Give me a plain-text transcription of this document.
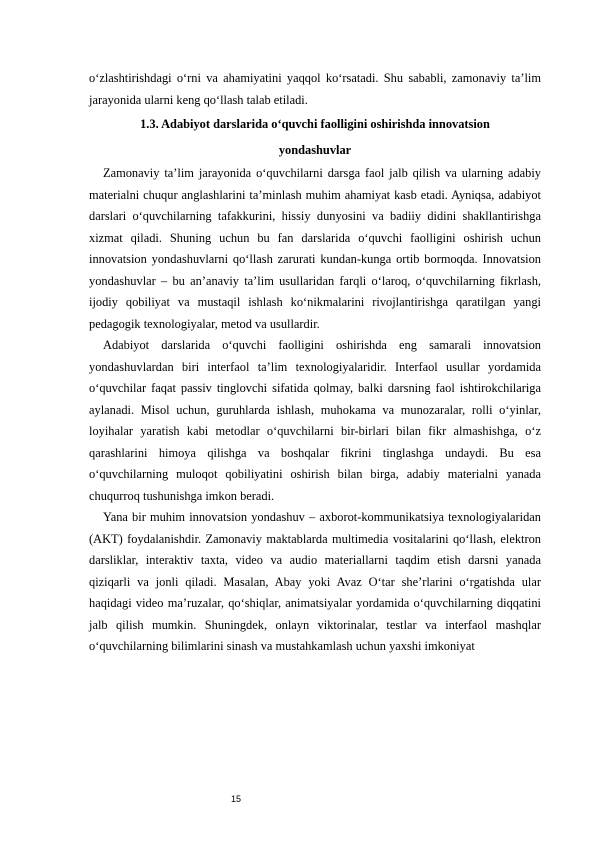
o‘zlashtirishdagi o‘rni va ahamiyatini yaqqol ko‘rsatadi. Shu sababli, zamonaviy ta’lim jarayonida ularni keng qo‘llash talab etiladi.

1.3. Adabiyot darslarida o‘quvchi faolligini oshirishda innovatsion
yondashuvlar

Zamonaviy ta’lim jarayonida o‘quvchilarni darsga faol jalb qilish va ularning adabiy materialni chuqur anglashlarini ta’minlash muhim ahamiyat kasb etadi. Ayniqsa, adabiyot darslari o‘quvchilarning tafakkurini, hissiy dunyosini va badiiy didini shakllantirishga xizmat qiladi. Shuning uchun bu fan darslarida o‘quvchi faolligini oshirish uchun innovatsion yondashuvlarni qo‘llash zarurati kundan-kunga ortib bormoqda. Innovatsion yondashuvlar – bu an’anaviy ta’lim usullaridan farqli o‘laroq, o‘quvchilarning fikrlash, ijodiy qobiliyat va mustaqil ishlash ko‘nikmalarini rivojlantirishga qaratilgan yangi pedagogik texnologiyalar, metod va usullardir.

Adabiyot darslarida o‘quvchi faolligini oshirishda eng samarali innovatsion yondashuvlardan biri interfaol ta’lim texnologiyalaridir. Interfaol usullar yordamida o‘quvchilar faqat passiv tinglovchi sifatida qolmay, balki darsning faol ishtirokchilariga aylanadi. Misol uchun, guruhlarda ishlash, muhokama va munozaralar, rolli o‘yinlar, loyihalar yaratish kabi metodlar o‘quvchilarni bir-birlari bilan fikr almashishga, o‘z qarashlarini himoya qilishga va boshqalar fikrini tinglashga undaydi. Bu esa o‘quvchilarning muloqot qobiliyatini oshirish bilan birga, adabiy materialni yanada chuqurroq tushunishga imkon beradi.

Yana bir muhim innovatsion yondashuv – axborot-kommunikatsiya texnologiyalaridan (AKT) foydalanishdir. Zamonaviy maktablarda multimedia vositalarini qo‘llash, elektron darsliklar, interaktiv taxta, video va audio materiallarni taqdim etish darsni yanada qiziqarli va jonli qiladi. Masalan, Abay yoki Avaz O‘tar she’rlarini o‘rgatishda ular haqidagi video ma’ruzalar, qo‘shiqlar, animatsiyalar yordamida o‘quvchilarning diqqatini jalb qilish mumkin. Shuningdek, onlayn viktorinalar, testlar va interfaol mashqlar o‘quvchilarning bilimlarini sinash va mustahkamlash uchun yaxshi imkoniyat

15
